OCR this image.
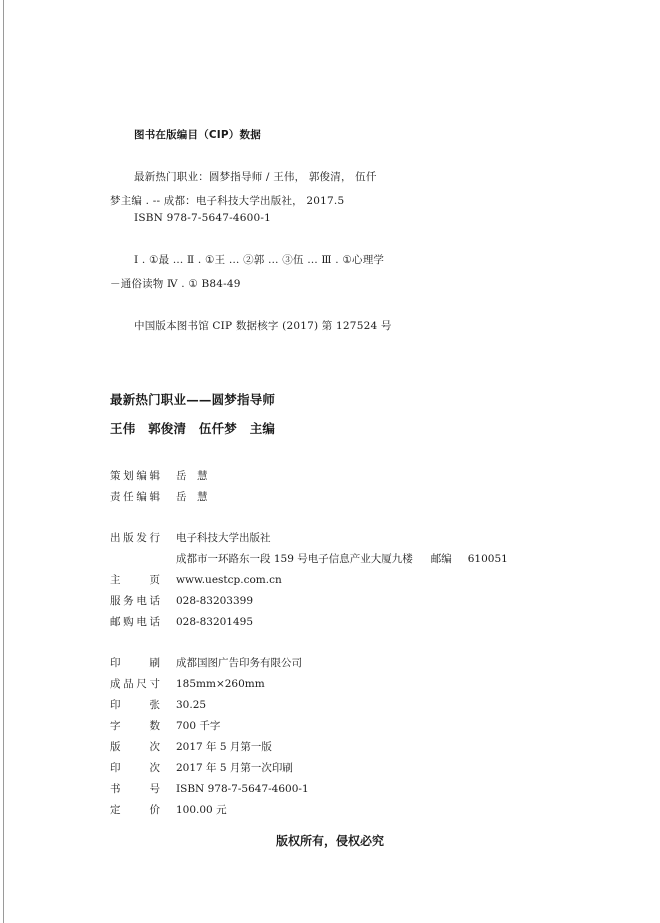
图书在版编目（CIP）数据
最新热门职业：圆梦指导师 / 王伟， 郭俊清， 伍仟
梦主编 . -- 成都：电子科技大学出版社， 2017.5
ISBN 978-7-5647-4600-1
Ⅰ . ①最 … Ⅱ . ①王 … ②郭 … ③伍 … Ⅲ . ①心理学
－通俗读物 Ⅳ . ① B84-49
中国版本图书馆 CIP 数据核字 (2017) 第 127524 号
最新热门职业——圆梦指导师
王伟　郭俊清　伍仟梦　主编
策 划 编 辑 岳　慧
责 任 编 辑 岳　慧
出 版 发 行 电子科技大学出版社
成都市一环路东一段 159 号电子信息产业大厦九楼 邮编 610051
主	页 www.uestcp.com.cn
服 务 电 话 028-83203399
邮 购 电 话 028-83201495
印	刷 成都国图广告印务有限公司
成 品 尺 寸 185mm×260mm
印	张 30.25
字	数 700 千字
版	次 2017 年 5 月第一版
印	次 2017 年 5 月第一次印刷
书	号 ISBN 978-7-5647-4600-1
定	价 100.00 元
版权所有，侵权必究
